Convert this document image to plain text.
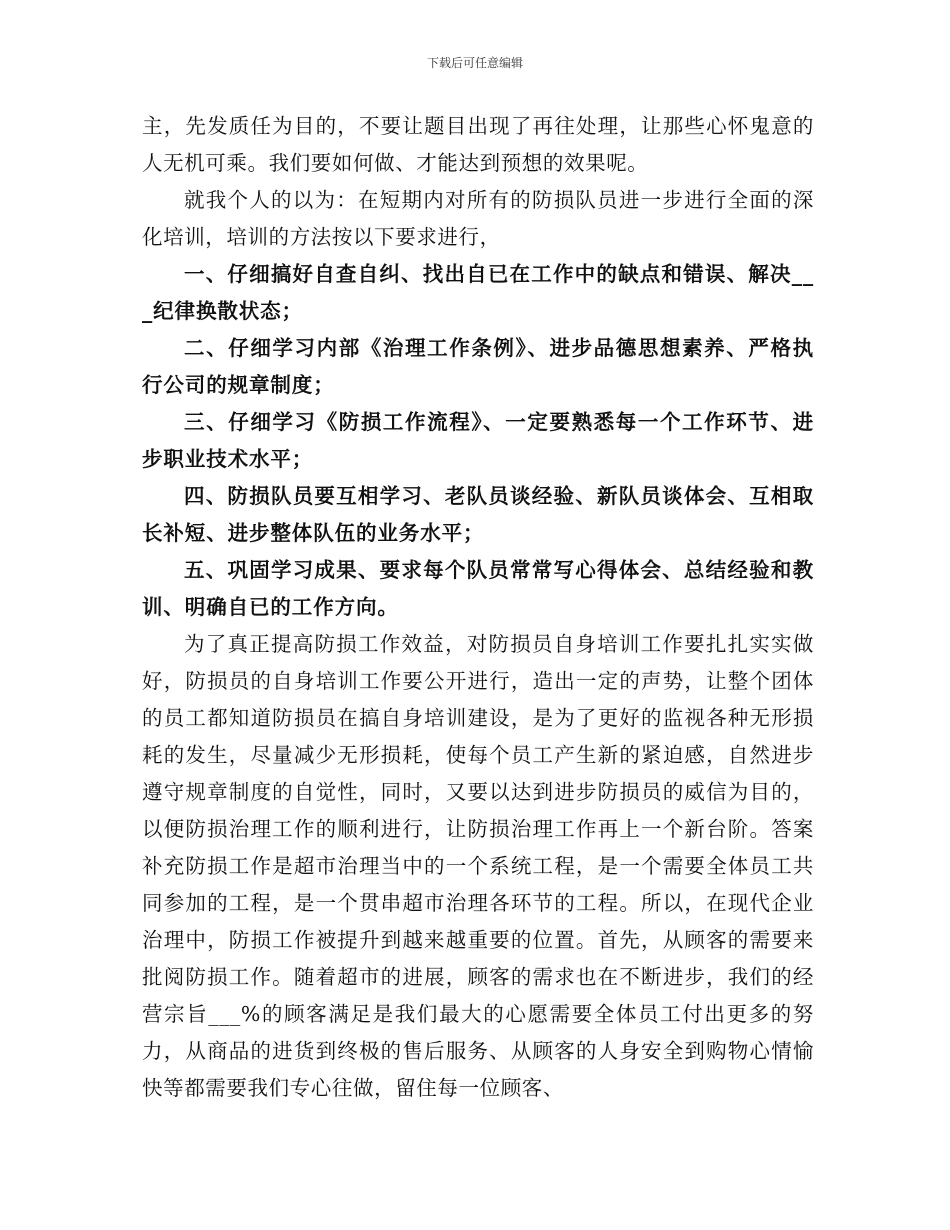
下载后可任意编辑

主，先发质任为目的，不要让题目出现了再往处理，让那些心怀鬼意的人无机可乘。我们要如何做、才能达到预想的效果呢。

就我个人的以为：在短期内对所有的防损队员进一步进行全面的深化培训，培训的方法按以下要求进行，

一、仔细搞好自查自纠、找出自已在工作中的缺点和错误、解决___纪律换散状态；

二、仔细学习内部《治理工作条例》、进步品德思想素养、严格执行公司的规章制度；

三、仔细学习《防损工作流程》、一定要熟悉每一个工作环节、进步职业技术水平；

四、防损队员要互相学习、老队员谈经验、新队员谈体会、互相取长补短、进步整体队伍的业务水平；

五、巩固学习成果、要求每个队员常常写心得体会、总结经验和教训、明确自已的工作方向。

为了真正提高防损工作效益，对防损员自身培训工作要扎扎实实做好，防损员的自身培训工作要公开进行，造出一定的声势，让整个团体的员工都知道防损员在搞自身培训建设，是为了更好的监视各种无形损耗的发生，尽量减少无形损耗，使每个员工产生新的紧迫感，自然进步遵守规章制度的自觉性，同时，又要以达到进步防损员的威信为目的，以便防损治理工作的顺利进行，让防损治理工作再上一个新台阶。答案补充防损工作是超市治理当中的一个系统工程，是一个需要全体员工共同参加的工程，是一个贯串超市治理各环节的工程。所以，在现代企业治理中，防损工作被提升到越来越重要的位置。首先，从顾客的需要来批阅防损工作。随着超市的进展，顾客的需求也在不断进步，我们的经营宗旨___%的顾客满足是我们最大的心愿需要全体员工付出更多的努力，从商品的进货到终极的售后服务、从顾客的人身安全到购物心情愉快等都需要我们专心往做，留住每一位顾客、
